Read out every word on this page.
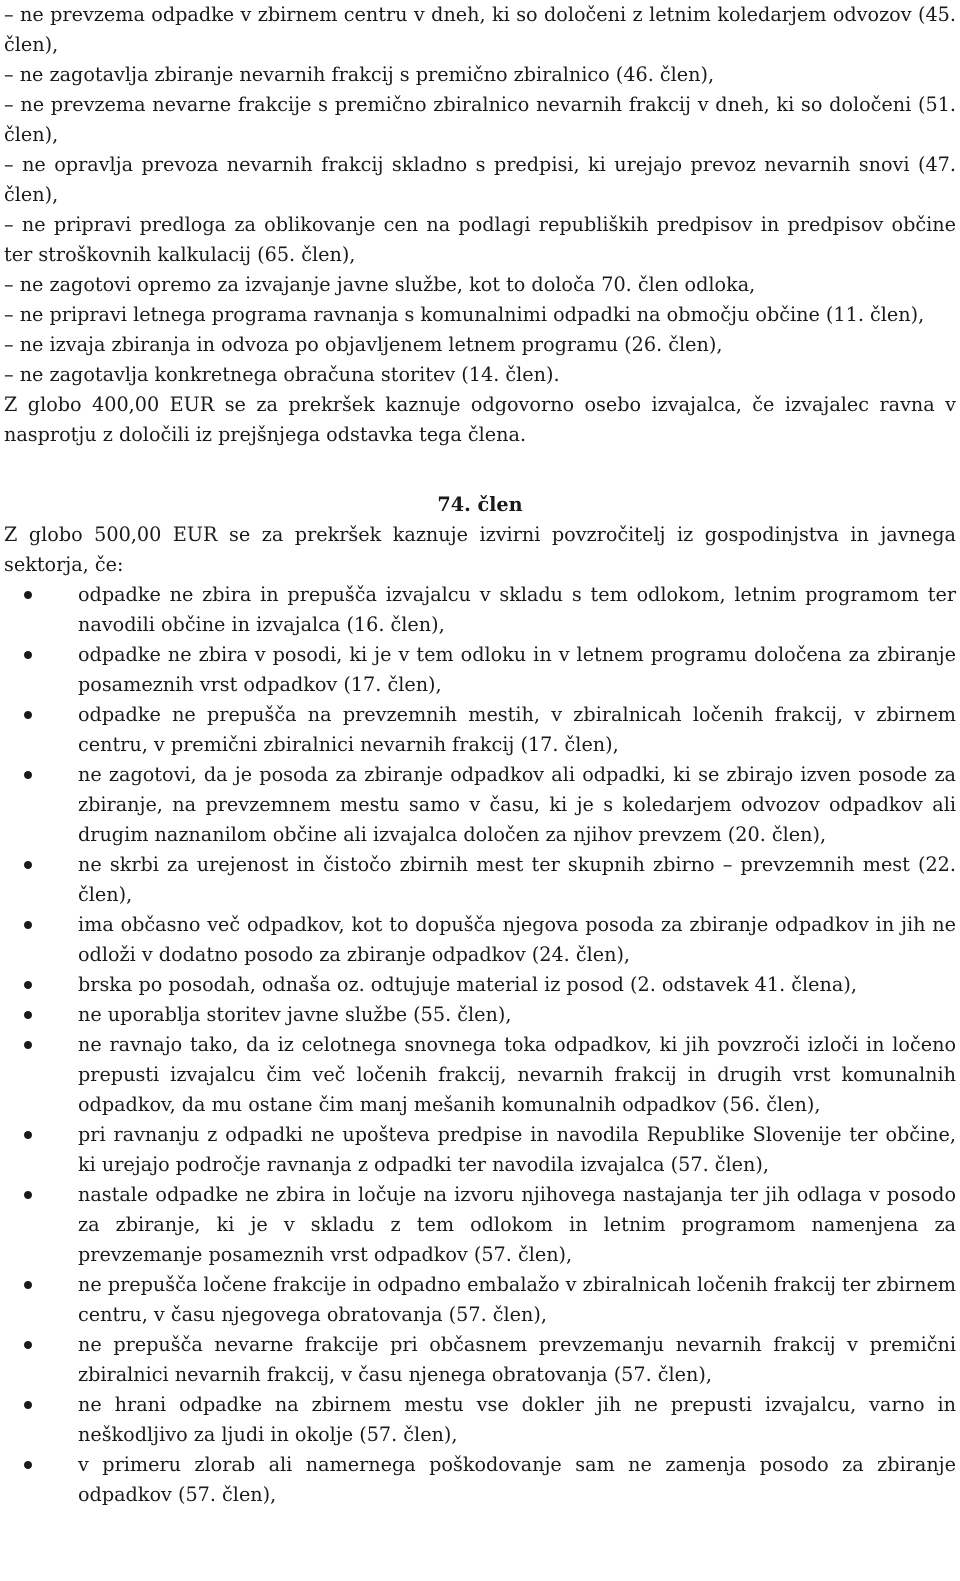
– ne prevzema odpadke v zbirnem centru v dneh, ki so določeni z letnim koledarjem odvozov (45. člen),

– ne zagotavlja zbiranje nevarnih frakcij s premično zbiralnico (46. člen),

– ne prevzema nevarne frakcije s premično zbiralnico nevarnih frakcij v dneh, ki so določeni (51. člen),

– ne opravlja prevoza nevarnih frakcij skladno s predpisi, ki urejajo prevoz nevarnih snovi (47. člen),

– ne pripravi predloga za oblikovanje cen na podlagi republiških predpisov in predpisov občine ter stroškovnih kalkulacij (65. člen),

– ne zagotovi opremo za izvajanje javne službe, kot to določa 70. člen odloka,

– ne pripravi letnega programa ravnanja s komunalnimi odpadki na območju občine (11. člen),

– ne izvaja zbiranja in odvoza po objavljenem letnem programu (26. člen),

– ne zagotavlja konkretnega obračuna storitev (14. člen).

Z globo 400,00 EUR se za prekršek kaznuje odgovorno osebo izvajalca, če izvajalec ravna v nasprotju z določili iz prejšnjega odstavka tega člena.

74. člen

Z globo 500,00 EUR se za prekršek kaznuje izvirni povzročitelj iz gospodinjstva in javnega sektorja, če:

odpadke ne zbira in prepušča izvajalcu v skladu s tem odlokom, letnim programom ter navodili občine in izvajalca (16. člen),
odpadke ne zbira v posodi, ki je v tem odloku in v letnem programu določena za zbiranje posameznih vrst odpadkov (17. člen),
odpadke ne prepušča na prevzemnih mestih, v zbiralnicah ločenih frakcij, v zbirnem centru, v premični zbiralnici nevarnih frakcij (17. člen),
ne zagotovi, da je posoda za zbiranje odpadkov ali odpadki, ki se zbirajo izven posode za zbiranje, na prevzemnem mestu samo v času, ki je s koledarjem odvozov odpadkov ali drugim naznanilom občine ali izvajalca določen za njihov prevzem (20. člen),
ne skrbi za urejenost in čistočo zbirnih mest ter skupnih zbirno – prevzemnih mest (22. člen),
ima občasno več odpadkov, kot to dopušča njegova posoda za zbiranje odpadkov in jih ne odloži v dodatno posodo za zbiranje odpadkov (24. člen),
brska po posodah, odnaša oz. odtujuje material iz posod (2. odstavek 41. člena),
ne uporablja storitev javne službe (55. člen),
ne ravnajo tako, da iz celotnega snovnega toka odpadkov, ki jih povzroči izloči in ločeno prepusti izvajalcu čim več ločenih frakcij, nevarnih frakcij in drugih vrst komunalnih odpadkov, da mu ostane čim manj mešanih komunalnih odpadkov (56. člen),
pri ravnanju z odpadki ne upošteva predpise in navodila Republike Slovenije ter občine, ki urejajo področje ravnanja z odpadki ter navodila izvajalca (57. člen),
nastale odpadke ne zbira in ločuje na izvoru njihovega nastajanja ter jih odlaga v posodo za zbiranje, ki je v skladu z tem odlokom in letnim programom namenjena za prevzemanje posameznih vrst odpadkov (57. člen),
ne prepušča ločene frakcije in odpadno embalažo v zbiralnicah ločenih frakcij ter zbirnem centru, v času njegovega obratovanja (57. člen),
ne prepušča nevarne frakcije pri občasnem prevzemanju nevarnih frakcij v premični zbiralnici nevarnih frakcij, v času njenega obratovanja (57. člen),
ne hrani odpadke na zbirnem mestu vse dokler jih ne prepusti izvajalcu, varno in neškodljivo za ljudi in okolje (57. člen),
v primeru zlorab ali namernega poškodovanje sam ne zamenja posodo za zbiranje odpadkov (57. člen),
